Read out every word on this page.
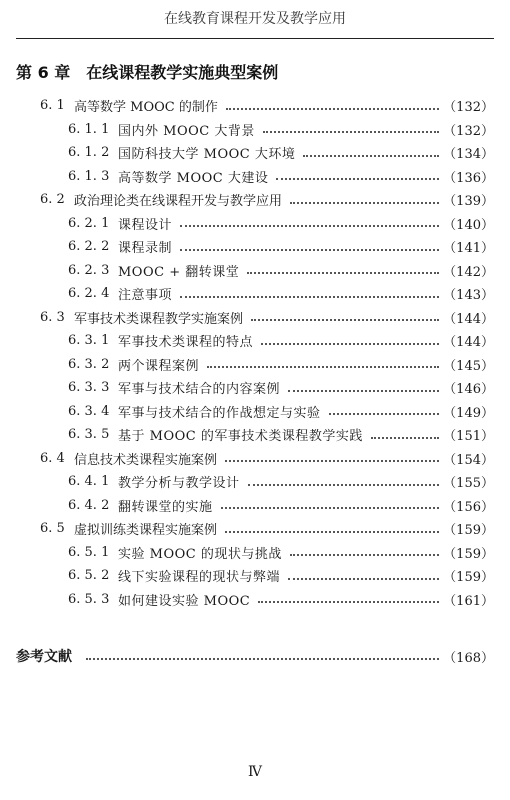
在线教育课程开发及教学应用
第 6 章 在线课程教学实施典型案例
6. 1 高等数学 MOOC 的制作	（132）
6. 1. 1 国内外 MOOC 大背景	（132）
6. 1. 2 国防科技大学 MOOC 大环境	（134）
6. 1. 3 高等数学 MOOC 大建设	（136）
6. 2 政治理论类在线课程开发与教学应用	（139）
6. 2. 1 课程设计	（140）
6. 2. 2 课程录制	（141）
6. 2. 3 MOOC + 翻转课堂	（142）
6. 2. 4 注意事项	（143）
6. 3 军事技术类课程教学实施案例	（144）
6. 3. 1 军事技术类课程的特点	（144）
6. 3. 2 两个课程案例	（145）
6. 3. 3 军事与技术结合的内容案例	（146）
6. 3. 4 军事与技术结合的作战想定与实验	（149）
6. 3. 5 基于 MOOC 的军事技术类课程教学实践	（151）
6. 4 信息技术类课程实施案例	（154）
6. 4. 1 教学分析与教学设计	（155）
6. 4. 2 翻转课堂的实施	（156）
6. 5 虚拟训练类课程实施案例	（159）
6. 5. 1 实验 MOOC 的现状与挑战	（159）
6. 5. 2 线下实验课程的现状与弊端	（159）
6. 5. 3 如何建设实验 MOOC	（161）
参考文献	（168）
Ⅳ
